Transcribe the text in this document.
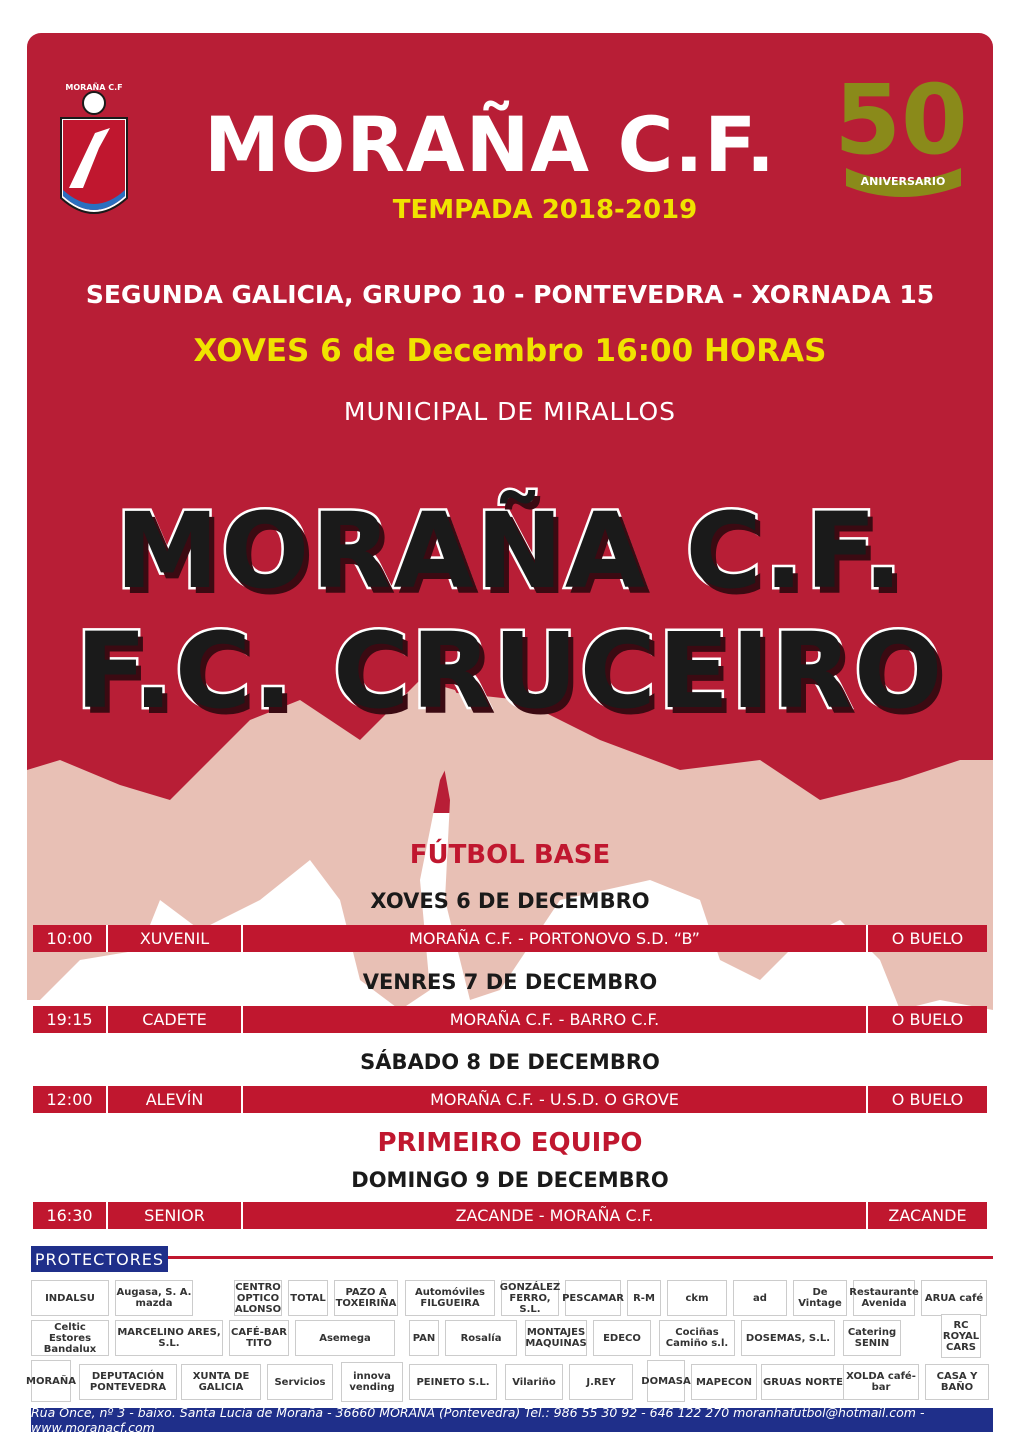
MORAÑA C.F	50
ANIVERSARIO
MORAÑA C.F.
TEMPADA 2018-2019
SEGUNDA GALICIA, GRUPO 10 - PONTEVEDRA - XORNADA 15
XOVES 6 de Decembro 16:00 HORAS
MUNICIPAL DE MIRALLOS
MORAÑA C.F.
F.C. CRUCEIRO
FÚTBOL BASE
XOVES 6 DE DECEMBRO
10:00	XUVENIL	MORAÑA C.F. - PORTONOVO S.D. “B”	O BUELO
VENRES 7 DE DECEMBRO
19:15	CADETE	MORAÑA C.F. - BARRO C.F.	O BUELO
SÁBADO 8 DE DECEMBRO
12:00	ALEVÍN	MORAÑA C.F. - U.S.D. O GROVE	O BUELO
PRIMEIRO EQUIPO
DOMINGO 9 DE DECEMBRO
16:30	SENIOR	ZACANDE - MORAÑA C.F.	ZACANDE
PROTECTORES
INDALSU	Augasa, S. A. mazda
CENTRO OPTICO ALONSO
TOTAL	PAZO A TOXEIRIÑA
Automóviles FILGUEIRA
GONZÁLEZ FERRO, S.L.
PESCAMAR R-M	ckm	ad	De Vintage
Restaurante Avenida	ARUA café
Celtic Estores Bandalux
MARCELINO ARES, S.L.
CAFÉ-BAR TITO	Asemega	PAN	Rosalía	MONTAJES MAQUINAS	EDECO	Cociñas Camiño s.l.	DOSEMAS, S.L.	Catering SENIN
RC ROYAL CARS
MORAÑA	DEPUTACIÓN PONTEVEDRA
XUNTA DE GALICIA	Servicios	innova vending	PEINETO S.L.	Vilariño	J.REY	DOMASA MAPECON	GRUAS NORTE XOLDA café-bar
CASA Y BAÑO
Rúa Once, nº 3 - baixo. Santa Lucia de Moraña - 36660 MORAÑA (Pontevedra) Tel.: 986 55 30 92 - 646 122 270 moranhafutbol@hotmail.com - www.moranacf.com
